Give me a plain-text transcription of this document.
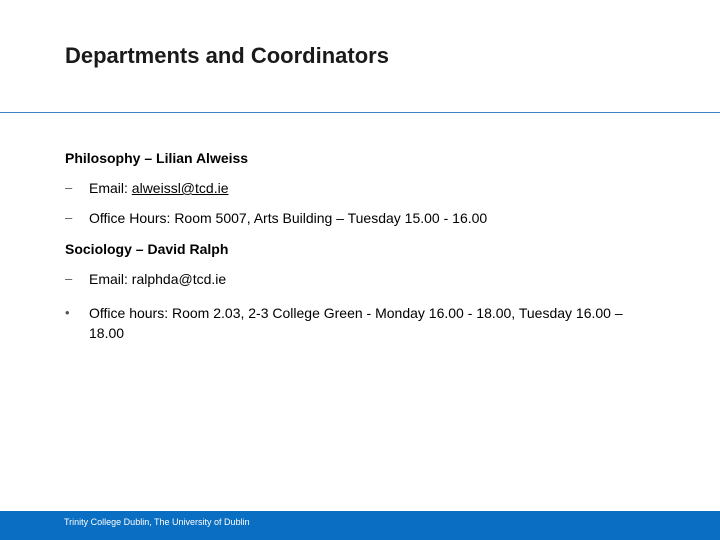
Departments and Coordinators
Philosophy – Lilian Alweiss
– Email: alweissl@tcd.ie
– Office Hours: Room 5007, Arts Building – Tuesday 15.00 - 16.00
Sociology – David Ralph
– Email: ralphda@tcd.ie
• Office hours: Room 2.03, 2-3 College Green - Monday 16.00 - 18.00, Tuesday 16.00 – 18.00
Trinity College Dublin, The University of Dublin
